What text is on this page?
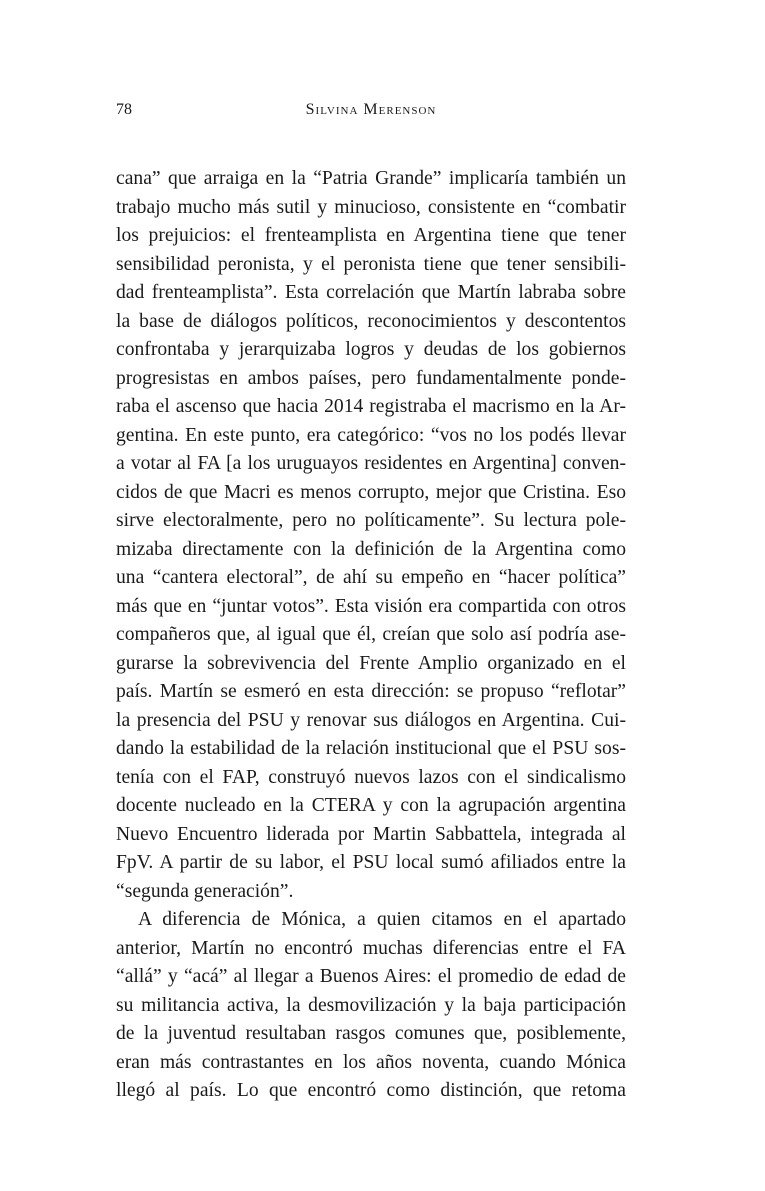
78	Silvina Merenson
cana” que arraiga en la “Patria Grande” implicaría también un
trabajo mucho más sutil y minucioso, consistente en “combatir
los prejuicios: el frenteamplista en Argentina tiene que tener
sensibilidad peronista, y el peronista tiene que tener sensibili-
dad frenteamplista”. Esta correlación que Martín labraba sobre
la base de diálogos políticos, reconocimientos y descontentos
confrontaba y jerarquizaba logros y deudas de los gobiernos
progresistas en ambos países, pero fundamentalmente ponde-
raba el ascenso que hacia 2014 registraba el macrismo en la Ar-
gentina. En este punto, era categórico: “vos no los podés llevar
a votar al FA [a los uruguayos residentes en Argentina] conven-
cidos de que Macri es menos corrupto, mejor que Cristina. Eso
sirve electoralmente, pero no políticamente”. Su lectura pole-
mizaba directamente con la definición de la Argentina como
una “cantera electoral”, de ahí su empeño en “hacer política”
más que en “juntar votos”. Esta visión era compartida con otros
compañeros que, al igual que él, creían que solo así podría ase-
gurarse la sobrevivencia del Frente Amplio organizado en el
país. Martín se esmeró en esta dirección: se propuso “reflotar”
la presencia del PSU y renovar sus diálogos en Argentina. Cui-
dando la estabilidad de la relación institucional que el PSU sos-
tenía con el FAP, construyó nuevos lazos con el sindicalismo
docente nucleado en la CTERA y con la agrupación argentina
Nuevo Encuentro liderada por Martin Sabbattela, integrada al
FpV. A partir de su labor, el PSU local sumó afiliados entre la
“segunda generación”.
A diferencia de Mónica, a quien citamos en el apartado
anterior, Martín no encontró muchas diferencias entre el FA
“allá” y “acá” al llegar a Buenos Aires: el promedio de edad de
su militancia activa, la desmovilización y la baja participación
de la juventud resultaban rasgos comunes que, posiblemente,
eran más contrastantes en los años noventa, cuando Mónica
llegó al país. Lo que encontró como distinción, que retoma
